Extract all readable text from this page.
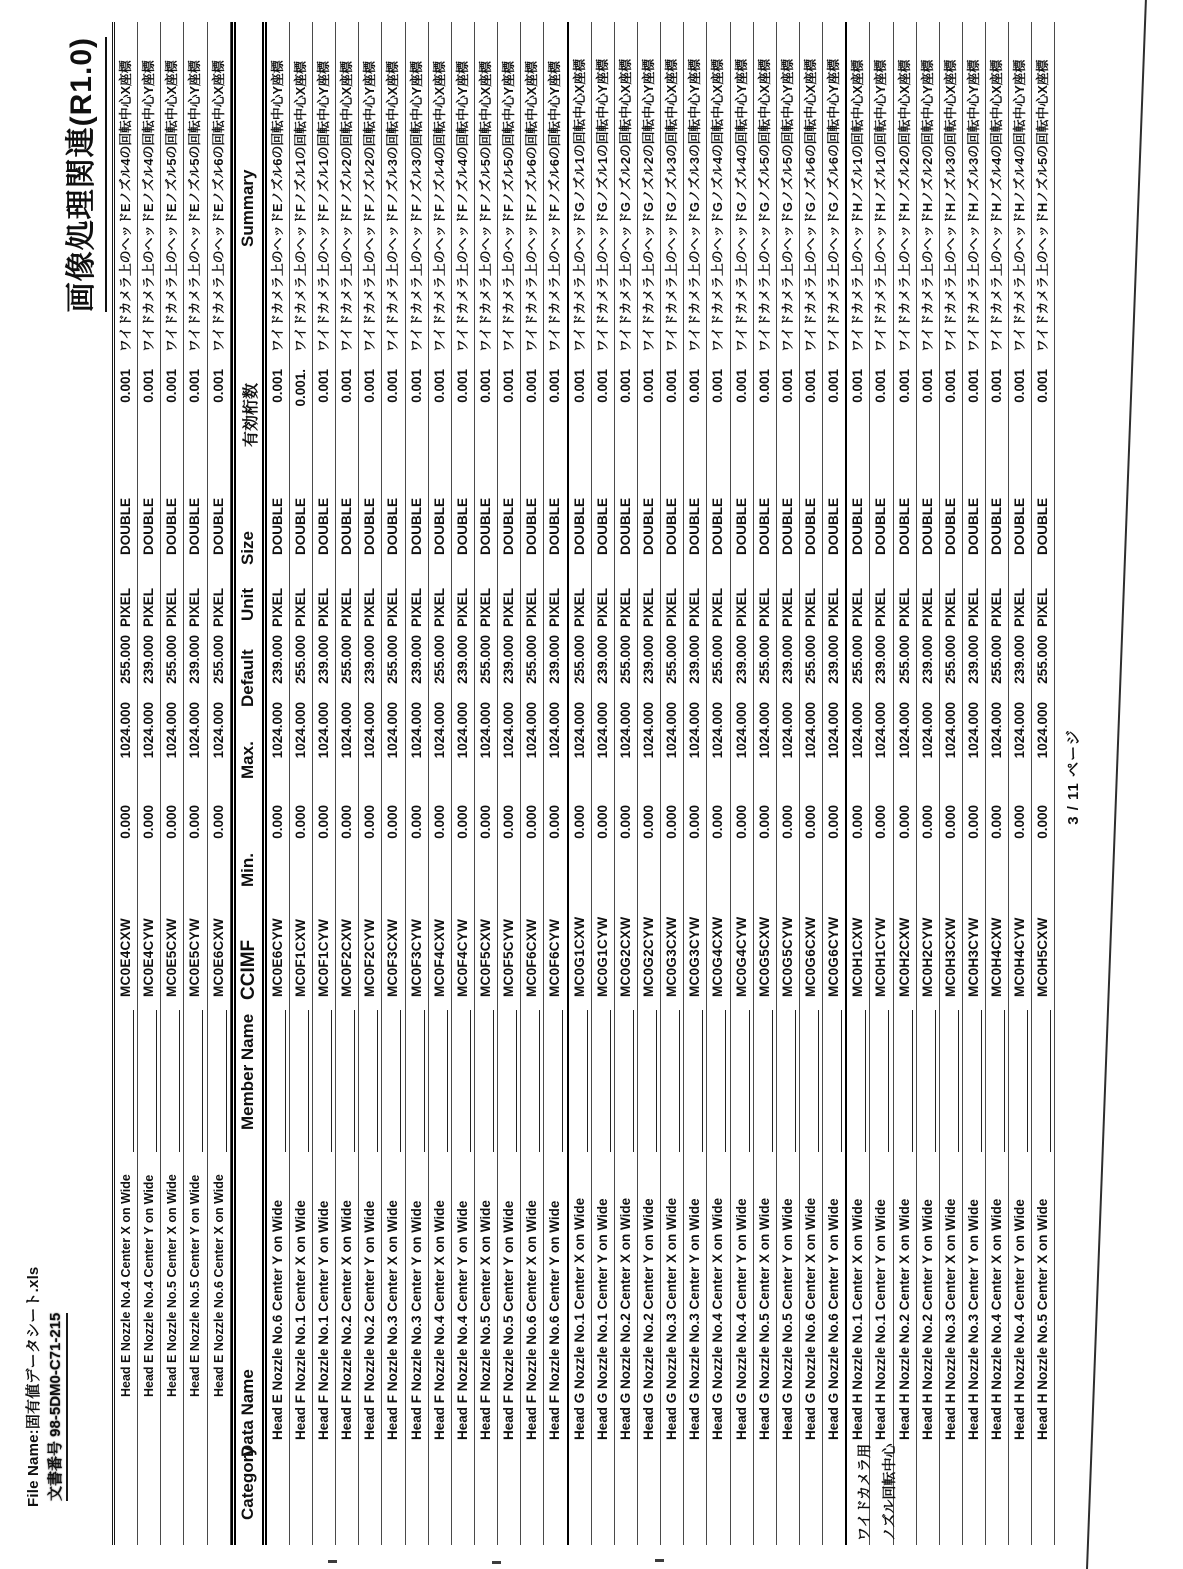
File Name:固有値データシート.xls 文書番号 98-5DM0-C71-215
画像処理関連(R1.0)
Head E Nozzle No.4 Center X on Wide
MC0E4CXW
0.000
1024.000
255.000
PIXEL
DOUBLE
0.001
ワイドカメラ上のヘッドEノズル4の回転中心X座標
Head E Nozzle No.4 Center Y on Wide
MC0E4CYW
0.000
1024.000
239.000
PIXEL
DOUBLE
0.001
ワイドカメラ上のヘッドEノズル4の回転中心Y座標
Head E Nozzle No.5 Center X on Wide
MC0E5CXW
0.000
1024.000
255.000
PIXEL
DOUBLE
0.001
ワイドカメラ上のヘッドEノズル5の回転中心X座標
Head E Nozzle No.5 Center Y on Wide
MC0E5CYW
0.000
1024.000
239.000
PIXEL
DOUBLE
0.001
ワイドカメラ上のヘッドEノズル5の回転中心Y座標
Head E Nozzle No.6 Center X on Wide
MC0E6CXW
0.000
1024.000
255.000
PIXEL
DOUBLE
0.001
ワイドカメラ上のヘッドEノズル6の回転中心X座標
Category
Data Name
Member Name
CCIMF
Min.
Max.
Default
Unit
Size
有効桁数
Summary
Head E Nozzle No.6 Center Y on Wide
MC0E6CYW
0.000
1024.000
239.000
PIXEL
DOUBLE
0.001
ワイドカメラ上のヘッドEノズル6の回転中心Y座標
Head F Nozzle No.1 Center X on Wide
MC0F1CXW
0.000
1024.000
255.000
PIXEL
DOUBLE
0.001.
ワイドカメラ上のヘッドFノズル1の回転中心X座標
Head F Nozzle No.1 Center Y on Wide
MC0F1CYW
0.000
1024.000
239.000
PIXEL
DOUBLE
0.001
ワイドカメラ上のヘッドFノズル1の回転中心Y座標
Head F Nozzle No.2 Center X on Wide
MC0F2CXW
0.000
1024.000
255.000
PIXEL
DOUBLE
0.001
ワイドカメラ上のヘッドFノズル2の回転中心X座標
Head F Nozzle No.2 Center Y on Wide
MC0F2CYW
0.000
1024.000
239.000
PIXEL
DOUBLE
0.001
ワイドカメラ上のヘッドFノズル2の回転中心Y座標
Head F Nozzle No.3 Center X on Wide
MC0F3CXW
0.000
1024.000
255.000
PIXEL
DOUBLE
0.001
ワイドカメラ上のヘッドFノズル3の回転中心X座標
Head F Nozzle No.3 Center Y on Wide
MC0F3CYW
0.000
1024.000
239.000
PIXEL
DOUBLE
0.001
ワイドカメラ上のヘッドFノズル3の回転中心Y座標
Head F Nozzle No.4 Center X on Wide
MC0F4CXW
0.000
1024.000
255.000
PIXEL
DOUBLE
0.001
ワイドカメラ上のヘッドFノズル4の回転中心X座標
Head F Nozzle No.4 Center Y on Wide
MC0F4CYW
0.000
1024.000
239.000
PIXEL
DOUBLE
0.001
ワイドカメラ上のヘッドFノズル4の回転中心Y座標
Head F Nozzle No.5 Center X on Wide
MC0F5CXW
0.000
1024.000
255.000
PIXEL
DOUBLE
0.001
ワイドカメラ上のヘッドFノズル5の回転中心X座標
Head F Nozzle No.5 Center Y on Wide
MC0F5CYW
0.000
1024.000
239.000
PIXEL
DOUBLE
0.001
ワイドカメラ上のヘッドFノズル5の回転中心Y座標
Head F Nozzle No.6 Center X on Wide
MC0F6CXW
0.000
1024.000
255.000
PIXEL
DOUBLE
0.001
ワイドカメラ上のヘッドFノズル6の回転中心X座標
Head F Nozzle No.6 Center Y on Wide
MC0F6CYW
0.000
1024.000
239.000
PIXEL
DOUBLE
0.001
ワイドカメラ上のヘッドFノズル6の回転中心Y座標
Head G Nozzle No.1 Center X on Wide
MC0G1CXW
0.000
1024.000
255.000
PIXEL
DOUBLE
0.001
ワイドカメラ上のヘッドGノズル1の回転中心X座標
Head G Nozzle No.1 Center Y on Wide
MC0G1CYW
0.000
1024.000
239.000
PIXEL
DOUBLE
0.001
ワイドカメラ上のヘッドGノズル1の回転中心Y座標
Head G Nozzle No.2 Center X on Wide
MC0G2CXW
0.000
1024.000
255.000
PIXEL
DOUBLE
0.001
ワイドカメラ上のヘッドGノズル2の回転中心X座標
Head G Nozzle No.2 Center Y on Wide
MC0G2CYW
0.000
1024.000
239.000
PIXEL
DOUBLE
0.001
ワイドカメラ上のヘッドGノズル2の回転中心Y座標
Head G Nozzle No.3 Center X on Wide
MC0G3CXW
0.000
1024.000
255.000
PIXEL
DOUBLE
0.001
ワイドカメラ上のヘッドGノズル3の回転中心X座標
Head G Nozzle No.3 Center Y on Wide
MC0G3CYW
0.000
1024.000
239.000
PIXEL
DOUBLE
0.001
ワイドカメラ上のヘッドGノズル3の回転中心Y座標
Head G Nozzle No.4 Center X on Wide
MC0G4CXW
0.000
1024.000
255.000
PIXEL
DOUBLE
0.001
ワイドカメラ上のヘッドGノズル4の回転中心X座標
Head G Nozzle No.4 Center Y on Wide
MC0G4CYW
0.000
1024.000
239.000
PIXEL
DOUBLE
0.001
ワイドカメラ上のヘッドGノズル4の回転中心Y座標
Head G Nozzle No.5 Center X on Wide
MC0G5CXW
0.000
1024.000
255.000
PIXEL
DOUBLE
0.001
ワイドカメラ上のヘッドGノズル5の回転中心X座標
Head G Nozzle No.5 Center Y on Wide
MC0G5CYW
0.000
1024.000
239.000
PIXEL
DOUBLE
0.001
ワイドカメラ上のヘッドGノズル5の回転中心Y座標
Head G Nozzle No.6 Center X on Wide
MC0G6CXW
0.000
1024.000
255.000
PIXEL
DOUBLE
0.001
ワイドカメラ上のヘッドGノズル6の回転中心X座標
Head G Nozzle No.6 Center Y on Wide
MC0G6CYW
0.000
1024.000
239.000
PIXEL
DOUBLE
0.001
ワイドカメラ上のヘッドGノズル6の回転中心Y座標
Head H Nozzle No.1 Center X on Wide
MC0H1CXW
0.000
1024.000
255.000
PIXEL
DOUBLE
0.001
ワイドカメラ上のヘッドHノズル1の回転中心X座標
Head H Nozzle No.1 Center Y on Wide
MC0H1CYW
0.000
1024.000
239.000
PIXEL
DOUBLE
0.001
ワイドカメラ上のヘッドHノズル1の回転中心Y座標
Head H Nozzle No.2 Center X on Wide
MC0H2CXW
0.000
1024.000
255.000
PIXEL
DOUBLE
0.001
ワイドカメラ上のヘッドHノズル2の回転中心X座標
Head H Nozzle No.2 Center Y on Wide
MC0H2CYW
0.000
1024.000
239.000
PIXEL
DOUBLE
0.001
ワイドカメラ上のヘッドHノズル2の回転中心Y座標
Head H Nozzle No.3 Center X on Wide
MC0H3CXW
0.000
1024.000
255.000
PIXEL
DOUBLE
0.001
ワイドカメラ上のヘッドHノズル3の回転中心X座標
Head H Nozzle No.3 Center Y on Wide
MC0H3CYW
0.000
1024.000
239.000
PIXEL
DOUBLE
0.001
ワイドカメラ上のヘッドHノズル3の回転中心Y座標
Head H Nozzle No.4 Center X on Wide
MC0H4CXW
0.000
1024.000
255.000
PIXEL
DOUBLE
0.001
ワイドカメラ上のヘッドHノズル4の回転中心X座標
Head H Nozzle No.4 Center Y on Wide
MC0H4CYW
0.000
1024.000
239.000
PIXEL
DOUBLE
0.001
ワイドカメラ上のヘッドHノズル4の回転中心Y座標
Head H Nozzle No.5 Center X on Wide
MC0H5CXW
0.000
1024.000
255.000
PIXEL
DOUBLE
0.001
ワイドカメラ上のヘッドHノズル5の回転中心X座標
ワイドカメラ用 ノズル回転中心
3 / 11 ページ
